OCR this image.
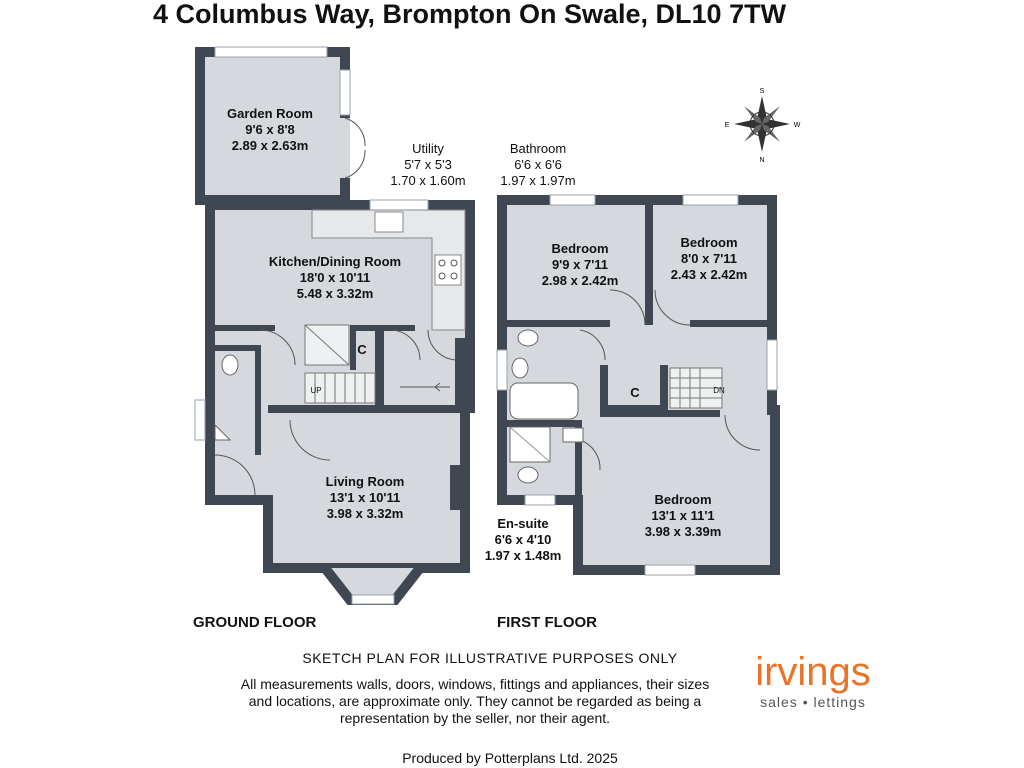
4 Columbus Way, Brompton On Swale, DL10 7TW
S
N
E	W
Garden Room
9'6 x 8'8
2.89 x 2.63m	Utility
5'7 x 5'3
1.70 x 1.60m
Bathroom
6'6 x 6'6
1.97 x 1.97m
Kitchen/Dining Room
18'0 x 10'11
5.48 x 3.32m
Living Room
13'1 x 10'11
3.98 x 3.32m
Bedroom
9'9 x 7'11
2.98 x 2.42m
Bedroom
8'0 x 7'11
2.43 x 2.42m
Bedroom
13'1 x 11'1
3.98 x 3.39m
En-suite
6'6 x 4'10
1.97 x 1.48m
C
C
UP	DN
GROUND FLOOR	FIRST FLOOR
SKETCH PLAN FOR ILLUSTRATIVE PURPOSES ONLY
All measurements walls, doors, windows, fittings and appliances, their sizes and locations, are approximate only. They cannot be regarded as being a representation by the seller, nor their agent.
Produced by Potterplans Ltd. 2025
irvings
sales • lettings
